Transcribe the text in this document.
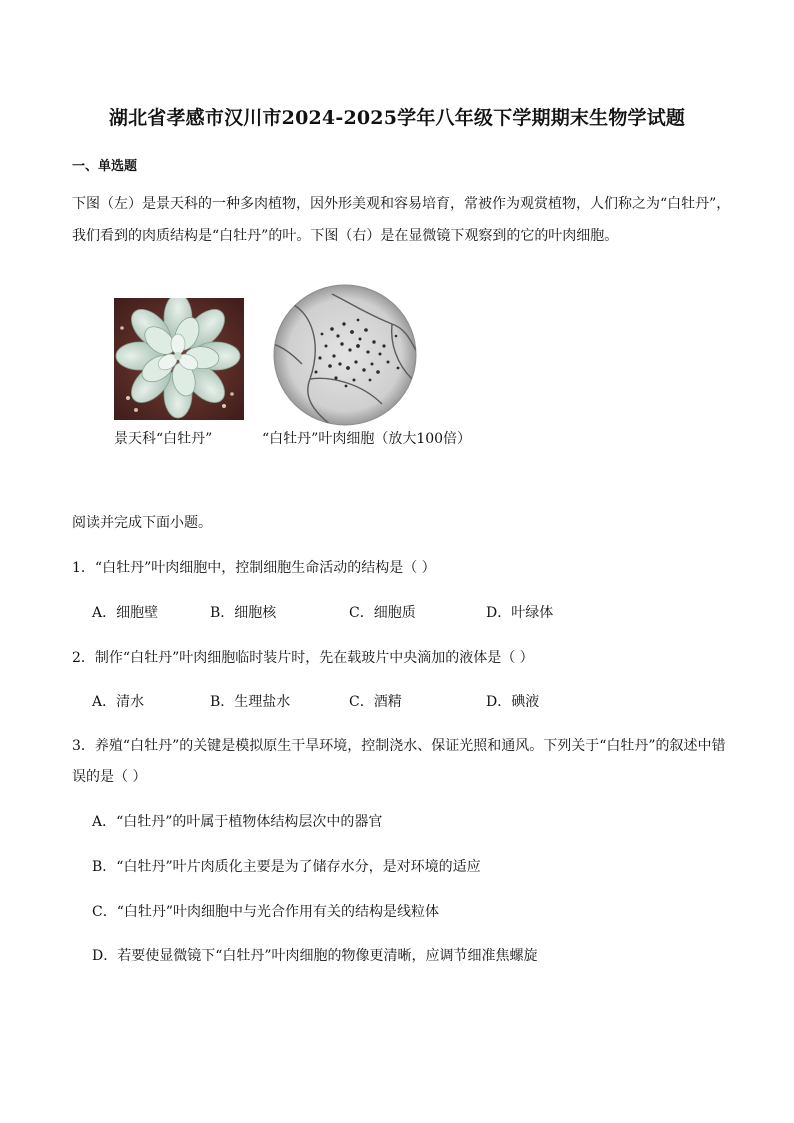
湖北省孝感市汉川市2024-2025学年八年级下学期期末生物学试题
一、单选题
下图（左）是景天科的一种多肉植物，因外形美观和容易培育，常被作为观赏植物，人们称之为“白牡丹”，
我们看到的肉质结构是“白牡丹”的叶。下图（右）是在显微镜下观察到的它的叶肉细胞。
景天科“白牡丹”	“白牡丹”叶肉细胞（放大100倍）
阅读并完成下面小题。
1．“白牡丹”叶肉细胞中，控制细胞生命活动的结构是（ ）
A．细胞壁	B．细胞核	C．细胞质	D．叶绿体
2．制作“白牡丹”叶肉细胞临时装片时，先在载玻片中央滴加的液体是（ ）
A．清水	B．生理盐水	C．酒精	D．碘液
3．养殖“白牡丹”的关键是模拟原生干旱环境，控制浇水、保证光照和通风。下列关于“白牡丹”的叙述中错
误的是（ ）
A．“白牡丹”的叶属于植物体结构层次中的器官
B．“白牡丹”叶片肉质化主要是为了储存水分，是对环境的适应
C．“白牡丹”叶肉细胞中与光合作用有关的结构是线粒体
D．若要使显微镜下“白牡丹”叶肉细胞的物像更清晰，应调节细准焦螺旋
